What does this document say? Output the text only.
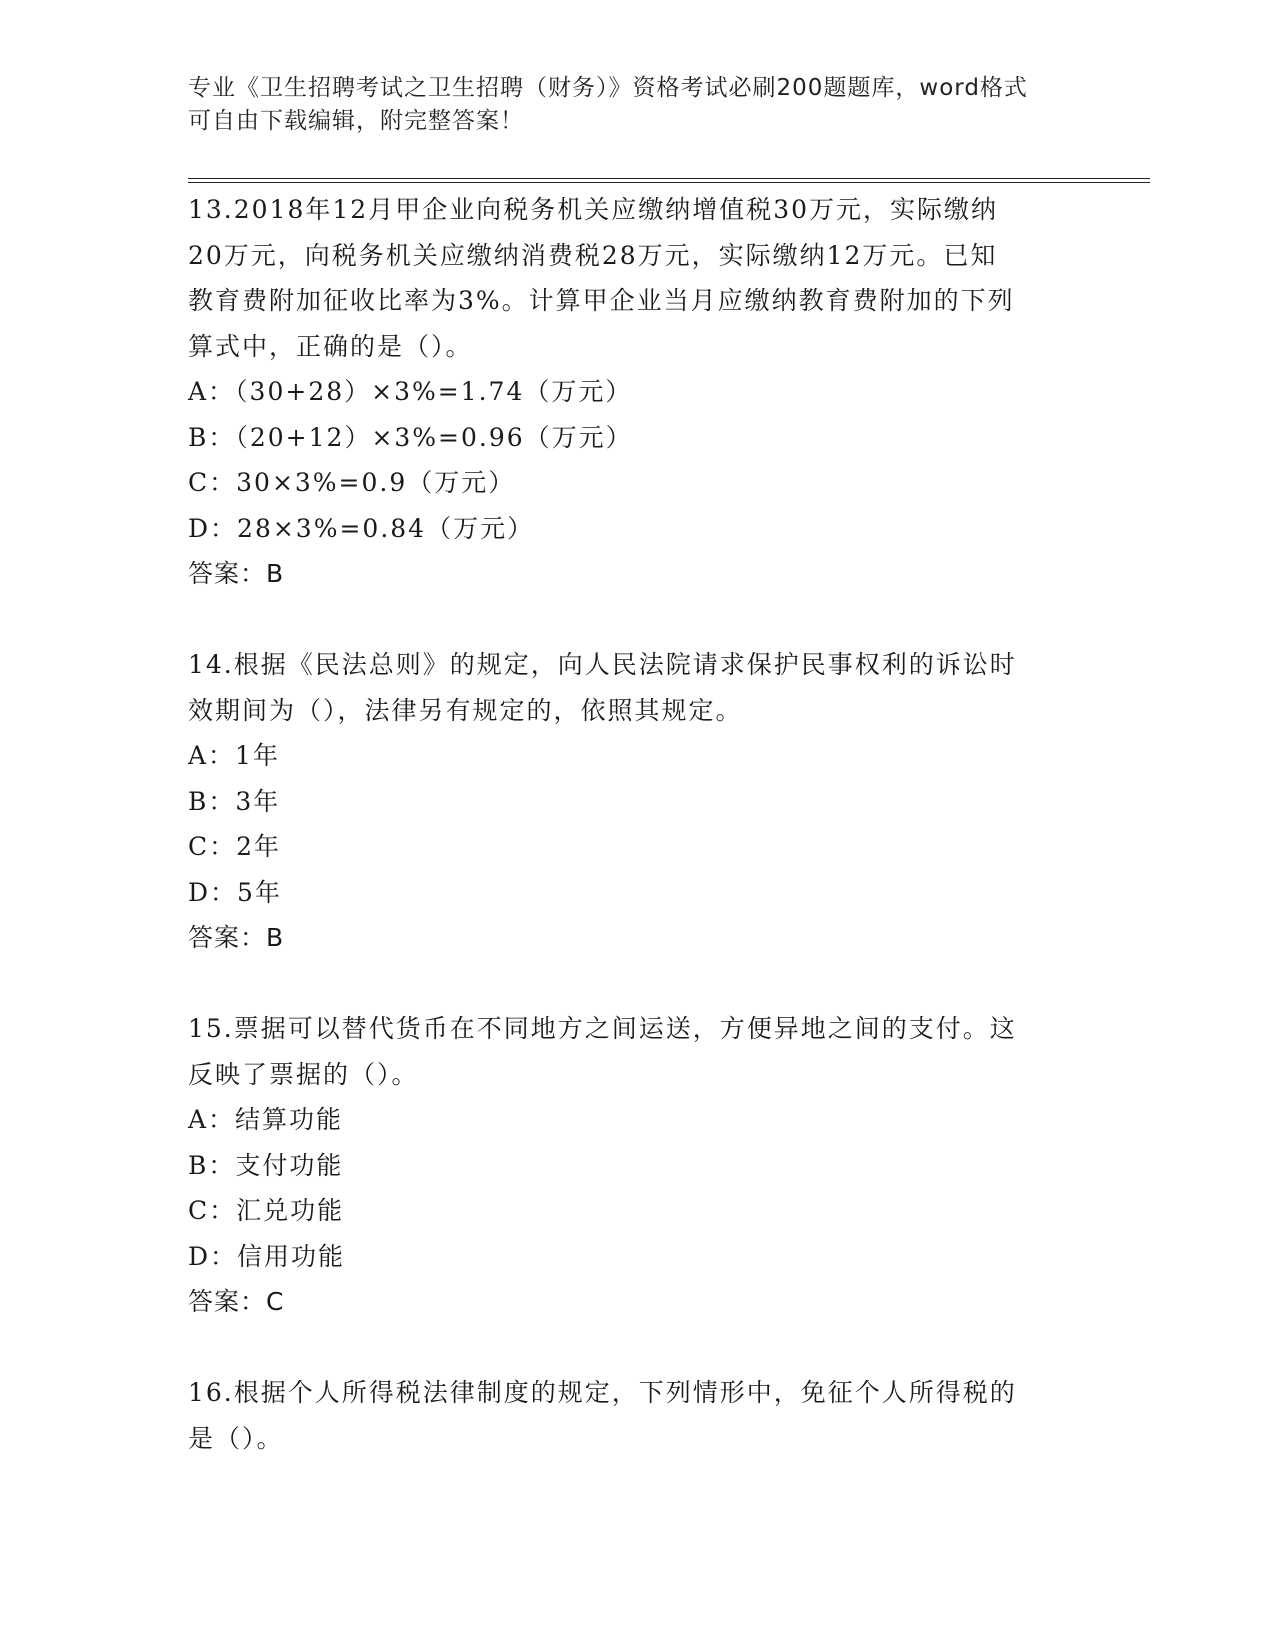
专业《卫生招聘考试之卫生招聘（财务）》资格考试必刷200题题库，word格式
可自由下载编辑，附完整答案！
13.2018年12月甲企业向税务机关应缴纳增值税30万元，实际缴纳
20万元，向税务机关应缴纳消费税28万元，实际缴纳12万元。已知
教育费附加征收比率为3%。计算甲企业当月应缴纳教育费附加的下列
算式中，正确的是（）。
A：（30+28）×3%=1.74（万元）
B：（20+12）×3%=0.96（万元）
C：30×3%=0.9（万元）
D：28×3%=0.84（万元）
答案：B
14.根据《民法总则》的规定，向人民法院请求保护民事权利的诉讼时
效期间为（），法律另有规定的，依照其规定。
A：1年
B：3年
C：2年
D：5年
答案：B
15.票据可以替代货币在不同地方之间运送，方便异地之间的支付。这
反映了票据的（）。
A：结算功能
B：支付功能
C：汇兑功能
D：信用功能
答案：C
16.根据个人所得税法律制度的规定，下列情形中，免征个人所得税的
是（）。
